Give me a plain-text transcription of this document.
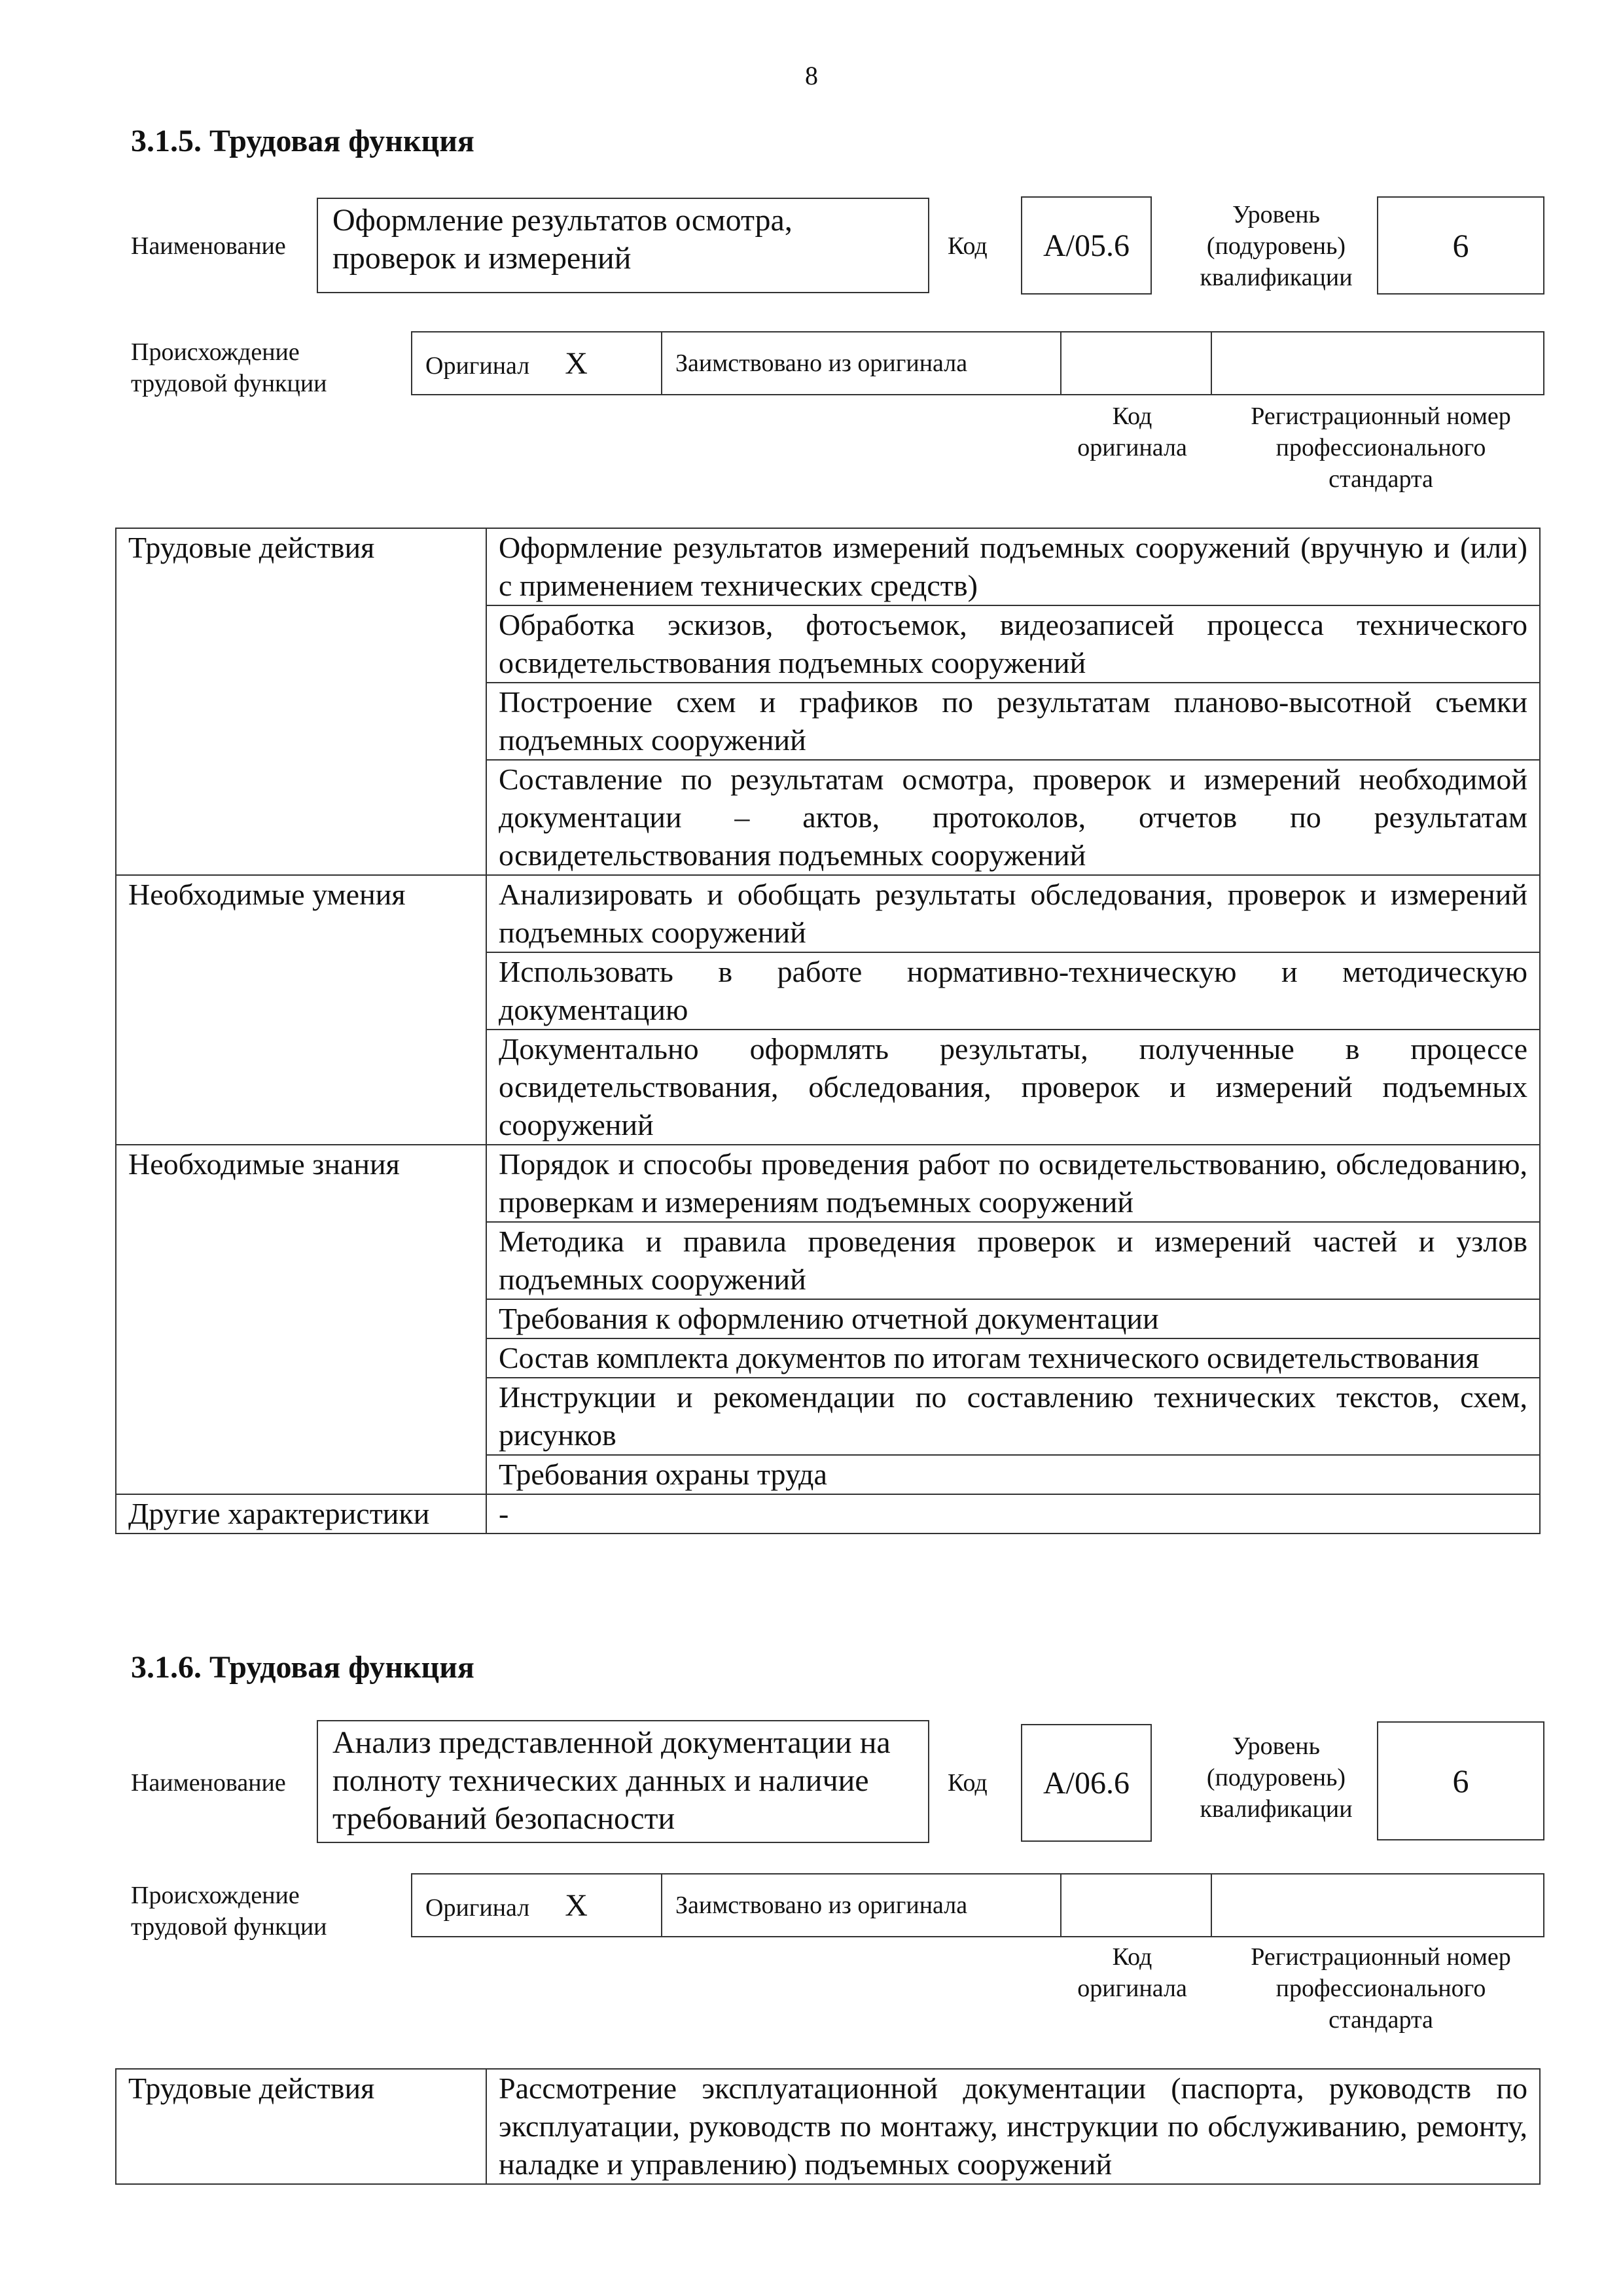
8
3.1.5. Трудовая функция
Наименование
Оформление результатов осмотра, проверок и измерений	Код A/05.6
Уровень (подуровень) квалификации
6
Происхождение трудовой функции
Оригинал X	Заимствовано из оригинала		
Код оригинала
Регистрационный номер профессионального стандарта
Трудовые действия	Оформление результатов измерений подъемных сооружений (вручную и (или) с применением технических средств)
	Обработка эскизов, фотосъемок, видеозаписей процесса технического освидетельствования подъемных сооружений
	Построение схем и графиков по результатам планово-высотной съемки подъемных сооружений
	Составление по результатам осмотра, проверок и измерений необходимой документации – актов, протоколов, отчетов по результатам освидетельствования подъемных сооружений
Необходимые умения	Анализировать и обобщать результаты обследования, проверок и измерений подъемных сооружений
	Использовать в работе нормативно-техническую и методическую документацию
	Документально оформлять результаты, полученные в процессе освидетельствования, обследования, проверок и измерений подъемных сооружений
Необходимые знания	Порядок и способы проведения работ по освидетельствованию, обследованию, проверкам и измерениям подъемных сооружений
	Методика и правила проведения проверок и измерений частей и узлов подъемных сооружений
	Требования к оформлению отчетной документации
	Состав комплекта документов по итогам технического освидетельствования
	Инструкции и рекомендации по составлению технических текстов, схем, рисунков
	Требования охраны труда
Другие характеристики	-
3.1.6. Трудовая функция
Наименование
Анализ представленной документации на полноту технических данных и наличие требований безопасности
Код A/06.6
Уровень (подуровень) квалификации
6
Происхождение трудовой функции
Оригинал X	Заимствовано из оригинала		
Код оригинала
Регистрационный номер профессионального стандарта
Трудовые действия	Рассмотрение эксплуатационной документации (паспорта, руководств по эксплуатации, руководств по монтажу, инструкции по обслуживанию, ремонту, наладке и управлению) подъемных сооружений
